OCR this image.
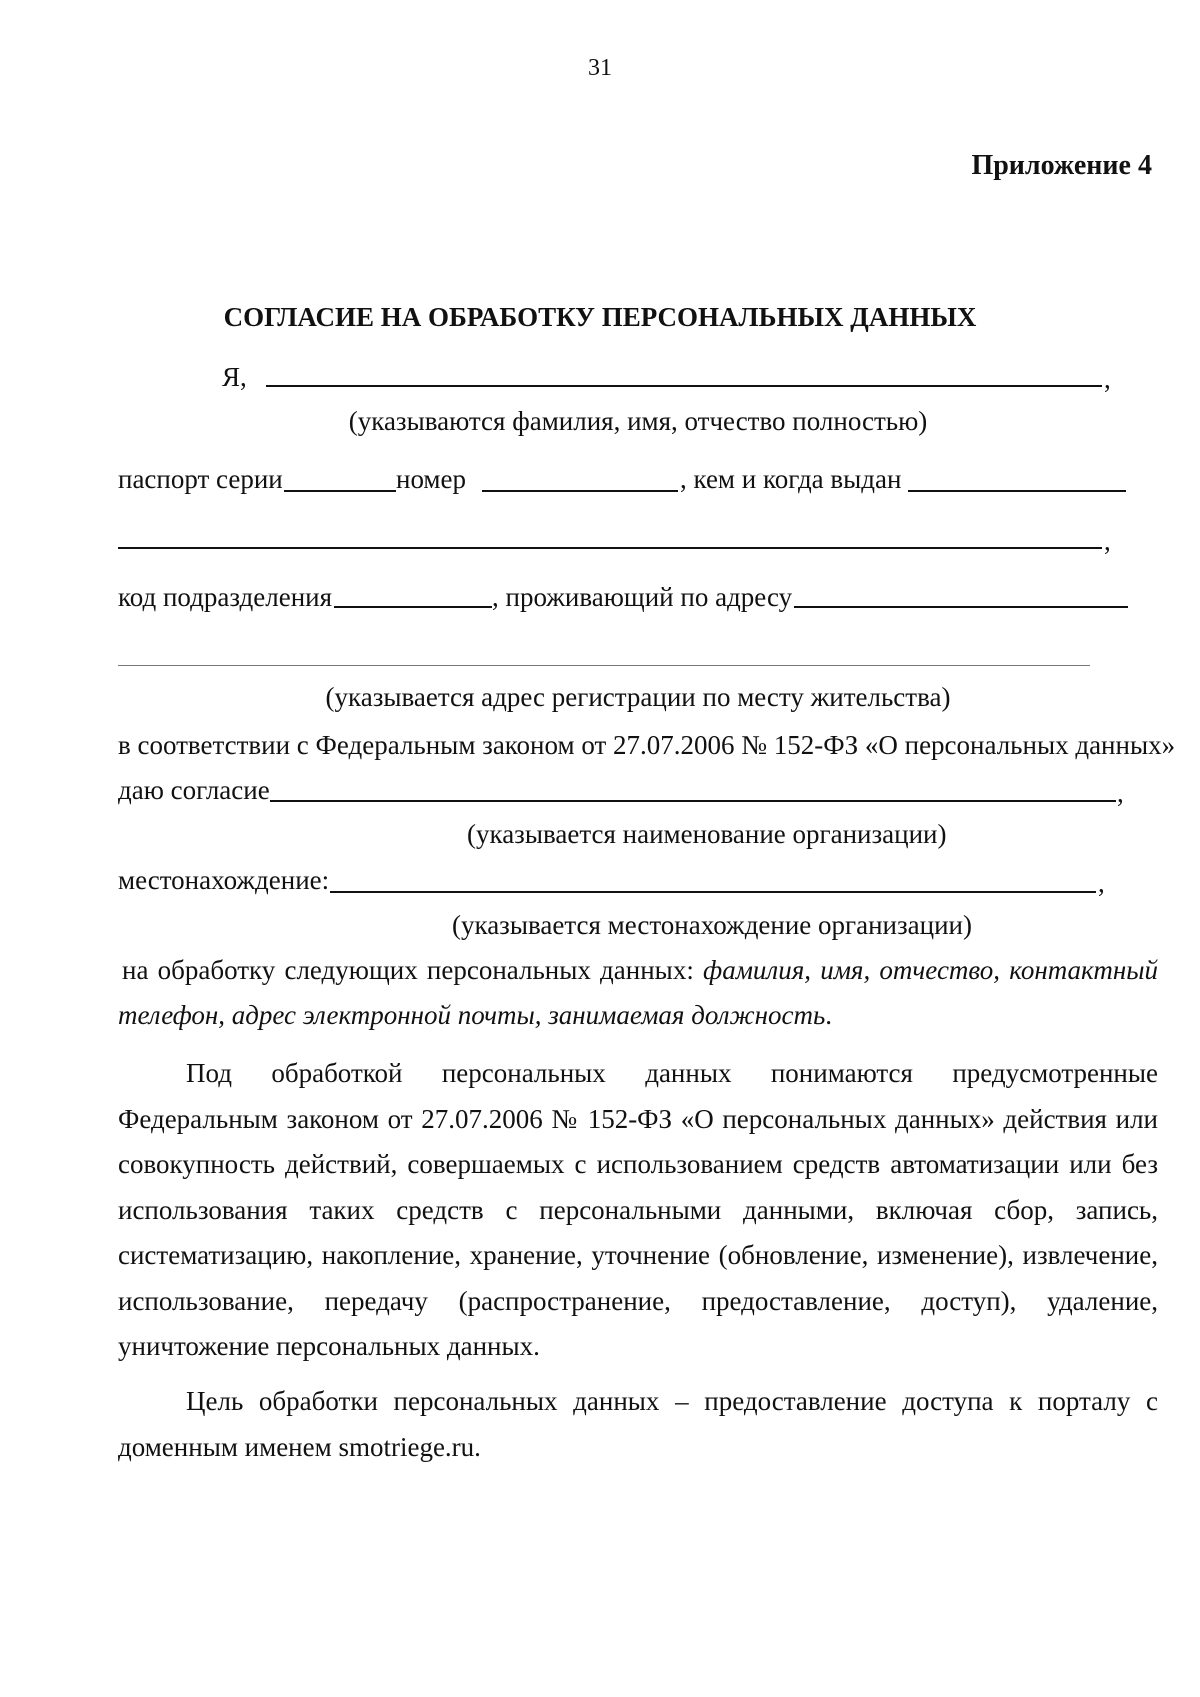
31
Приложение 4
СОГЛАСИЕ НА ОБРАБОТКУ ПЕРСОНАЛЬНЫХ ДАННЫХ
Я,	,
(указываются фамилия, имя, отчество полностью)
паспорт серии	номер	, кем и когда выдан
,
код подразделения	, проживающий по адресу
(указывается адрес регистрации по месту жительства)
в соответствии с Федеральным законом от 27.07.2006 № 152-ФЗ «О персональных данных»
даю согласие	,
(указывается наименование организации)
местонахождение:	,
(указывается местонахождение организации)
на обработку следующих персональных данных: фамилия, имя, отчество, контактный
телефон, адрес электронной почты, занимаемая должность.

Под обработкой персональных данных понимаются предусмотренные Федеральным законом от 27.07.2006 № 152-ФЗ «О персональных данных» действия или совокупность действий, совершаемых с использованием средств автоматизации или без использования таких средств с персональными данными, включая сбор, запись, систематизацию, накопление, хранение, уточнение (обновление, изменение), извлечение, использование, передачу (распространение, предоставление, доступ), удаление, уничтожение персональных данных.

Цель обработки персональных данных – предоставление доступа к порталу с доменным именем smotriege.ru.
